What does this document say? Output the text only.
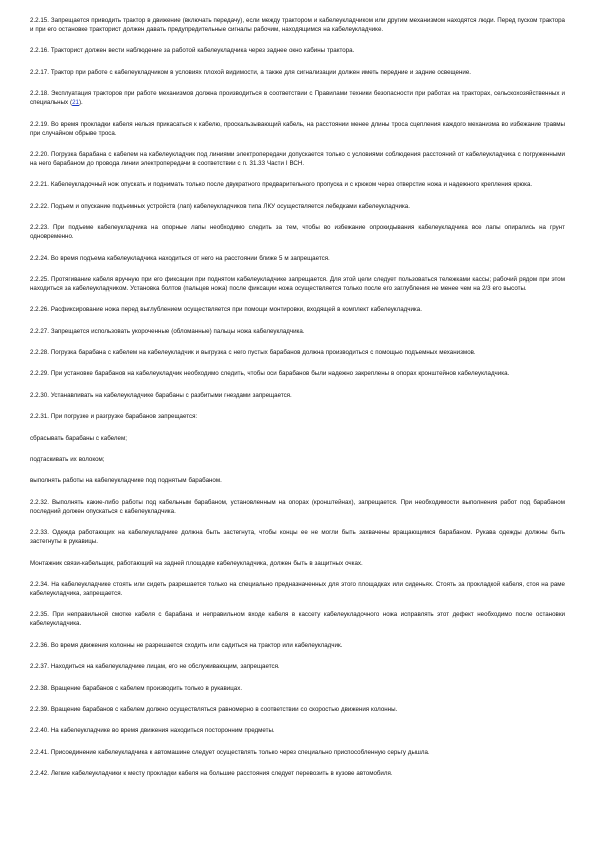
2.2.15. Запрещается приводить трактор в движение (включать передачу), если между трактором и кабелеукладчиком или другим механизмом находятся люди. Перед пуском трактора и при его остановке тракторист должен давать предупредительные сигналы рабочим, находящимся на кабелеукладчике.

2.2.16. Тракторист должен вести наблюдение за работой кабелеукладчика через заднее окно кабины трактора.

2.2.17. Трактор при работе с кабелеукладчиком в условиях плохой видимости, а также для сигнализации должен иметь передние и задние освещение.

2.2.18. Эксплуатация тракторов при работе механизмов должна производиться в соответствии с Правилами техники безопасности при работах на тракторах, сельскохозяйственных и специальных (21).

2.2.19. Во время прокладки кабеля нельзя прикасаться к кабелю, проскальзывающий кабель, на расстоянии менее длины троса сцепления каждого механизма во избежание травмы при случайном обрыве троса.

2.2.20. Погрузка барабана с кабелем на кабелеукладчик под линиями электропередачи допускается только с условиями соблюдения расстояний от кабелеукладчика с погруженными на него барабаном до провода линии электропередачи в соответствии с п. 31.33 Части I ВСН.

2.2.21. Кабелеукладочный нож опускать и поднимать только после двукратного предварительного пропуска и с крюком через отверстие ножа и надежного крепления крюка.

2.2.22. Подъем и опускание подъемных устройств (лап) кабелеукладчиков типа ЛКУ осуществляется лебедками кабелеукладчика.

2.2.23. При подъеме кабелеукладчика на опорные лапы необходимо следить за тем, чтобы во избежание опрокидывания кабелеукладчика все лапы опирались на грунт одновременно.

2.2.24. Во время подъема кабелеукладчика находиться от него на расстоянии ближе 5 м запрещается.

2.2.25. Протягивание кабеля вручную при его фиксации при поднятом кабелеукладчике запрещается. Для этой цели следует пользоваться тележками кассы; рабочий рядом при этом находиться за кабелеукладчиком. Установка болтов (пальцев ножа) после фиксации ножа осуществляется только после его заглубления не менее чем на 2/3 его высоты.

2.2.26. Расфиксирование ножа перед выглублением осуществляется при помощи монтировки, входящей в комплект кабелеукладчика.

2.2.27. Запрещается использовать укороченные (обломанные) пальцы ножа кабелеукладчика.

2.2.28. Погрузка барабана с кабелем на кабелеукладчик и выгрузка с него пустых барабанов должна производиться с помощью подъемных механизмов.

2.2.29. При установке барабанов на кабелеукладчик необходимо следить, чтобы оси барабанов были надежно закреплены в опорах кронштейнов кабелеукладчика.

2.2.30. Устанавливать на кабелеукладчике барабаны с разбитыми гнездами запрещается.

2.2.31. При погрузке и разгрузке барабанов запрещается:

сбрасывать барабаны с кабелем;

подтаскивать их волоком;

выполнять работы на кабелеукладчике под поднятым барабаном.

2.2.32. Выполнять какие-либо работы под кабельным барабаном, установленным на опорах (кронштейнах), запрещается. При необходимости выполнения работ под барабаном последний должен опускаться с кабелеукладчика.

2.2.33. Одежда работающих на кабелеукладчике должна быть застегнута, чтобы концы ее не могли быть захвачены вращающимся барабаном. Рукава одежды должны быть застегнуты в рукавицы.

Монтажник связи-кабельщик, работающий на задней площадке кабелеукладчика, должен быть в защитных очках.

2.2.34. На кабелеукладчике стоять или сидеть разрешается только на специально предназначенных для этого площадках или сиденьях. Стоять за прокладкой кабеля, стоя на раме кабелеукладчика, запрещается.

2.2.35. При неправильной смотке кабеля с барабана и неправильном входе кабеля в кассету кабелеукладочного ножа исправлять этот дефект необходимо после остановки кабелеукладчика.

2.2.36. Во время движения колонны не разрешается сходить или садиться на трактор или кабелеукладчик.

2.2.37. Находиться на кабелеукладчике лицам, его не обслуживающим, запрещается.

2.2.38. Вращение барабанов с кабелем производить только в рукавицах.

2.2.39. Вращение барабанов с кабелем должно осуществляться равномерно в соответствии со скоростью движения колонны.

2.2.40. На кабелеукладчике во время движения находиться посторонним предметы.

2.2.41. Присоединение кабелеукладчика к автомашине следует осуществлять только через специально приспособленную серьгу дышла.

2.2.42. Легкие кабелеукладчики к месту прокладки кабеля на большие расстояния следует перевозить в кузове автомобиля.
